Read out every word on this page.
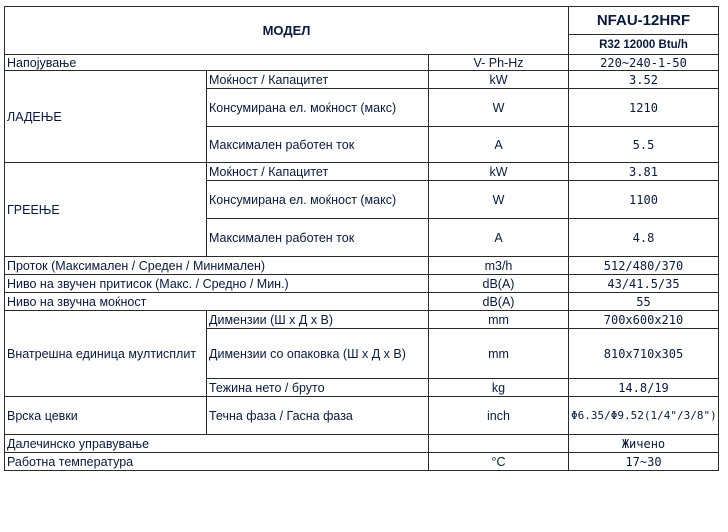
МОДЕЛ			NFAU-12HRF
			R32 12000 Btu/h
Напојување		V- Ph-Hz	220~240-1-50
ЛАДЕЊЕ	Моќност / Капацитет	kW	3.52
	Консумирана ел. моќност (макс)	W	1210
	Максимален работен ток	A	5.5
ГРЕЕЊЕ	Моќност / Капацитет	kW	3.81
	Консумирана ел. моќност (макс)	W	1100
	Максимален работен ток	A	4.8
Проток (Максимален / Среден / Минимален)		m3/h	512/480/370
Ниво на звучен притисок (Макс. / Средно / Мин.)		dB(A)	43/41.5/35
Ниво на звучна моќност		dB(A)	55
Внатрешна единица мултисплит	Димензии (Ш х Д х В)	mm	700x600x210
	Димензии со опаковка (Ш х Д х В)	mm	810x710x305
	Тежина нето / бруто	kg	14.8/19
Врска цевки	Течна фаза / Гасна фаза	inch	Φ6.35/Φ9.52(1/4"/3/8")
Далечинско управување			Жичено
Работна температура		°C	17~30
